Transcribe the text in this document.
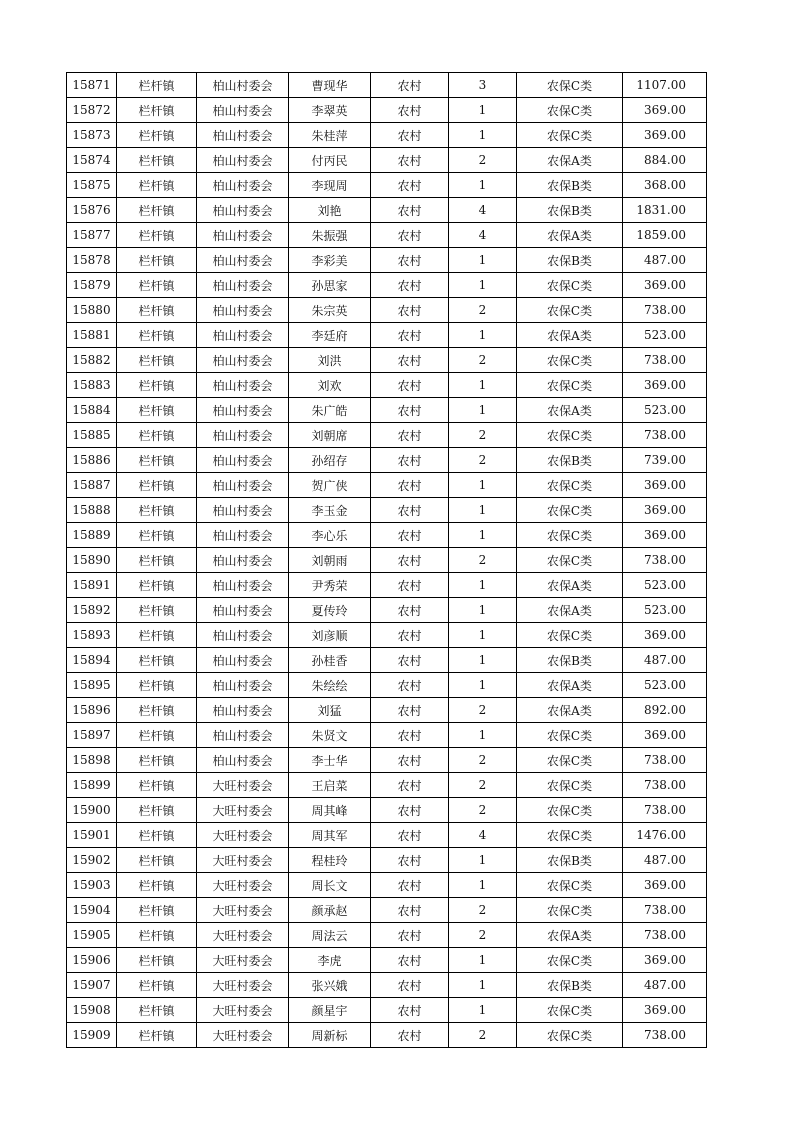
15871	栏杆镇	柏山村委会	曹现华	农村	3	农保C类	1107.00
15872	栏杆镇	柏山村委会	李翠英	农村	1	农保C类	369.00
15873	栏杆镇	柏山村委会	朱桂萍	农村	1	农保C类	369.00
15874	栏杆镇	柏山村委会	付丙民	农村	2	农保A类	884.00
15875	栏杆镇	柏山村委会	李现周	农村	1	农保B类	368.00
15876	栏杆镇	柏山村委会	刘艳	农村	4	农保B类	1831.00
15877	栏杆镇	柏山村委会	朱振强	农村	4	农保A类	1859.00
15878	栏杆镇	柏山村委会	李彩美	农村	1	农保B类	487.00
15879	栏杆镇	柏山村委会	孙思家	农村	1	农保C类	369.00
15880	栏杆镇	柏山村委会	朱宗英	农村	2	农保C类	738.00
15881	栏杆镇	柏山村委会	李廷府	农村	1	农保A类	523.00
15882	栏杆镇	柏山村委会	刘洪	农村	2	农保C类	738.00
15883	栏杆镇	柏山村委会	刘欢	农村	1	农保C类	369.00
15884	栏杆镇	柏山村委会	朱广皓	农村	1	农保A类	523.00
15885	栏杆镇	柏山村委会	刘朝席	农村	2	农保C类	738.00
15886	栏杆镇	柏山村委会	孙绍存	农村	2	农保B类	739.00
15887	栏杆镇	柏山村委会	贺广侠	农村	1	农保C类	369.00
15888	栏杆镇	柏山村委会	李玉金	农村	1	农保C类	369.00
15889	栏杆镇	柏山村委会	李心乐	农村	1	农保C类	369.00
15890	栏杆镇	柏山村委会	刘朝雨	农村	2	农保C类	738.00
15891	栏杆镇	柏山村委会	尹秀荣	农村	1	农保A类	523.00
15892	栏杆镇	柏山村委会	夏传玲	农村	1	农保A类	523.00
15893	栏杆镇	柏山村委会	刘彦顺	农村	1	农保C类	369.00
15894	栏杆镇	柏山村委会	孙桂香	农村	1	农保B类	487.00
15895	栏杆镇	柏山村委会	朱绘绘	农村	1	农保A类	523.00
15896	栏杆镇	柏山村委会	刘猛	农村	2	农保A类	892.00
15897	栏杆镇	柏山村委会	朱贤文	农村	1	农保C类	369.00
15898	栏杆镇	柏山村委会	李士华	农村	2	农保C类	738.00
15899	栏杆镇	大旺村委会	王启菜	农村	2	农保C类	738.00
15900	栏杆镇	大旺村委会	周其峰	农村	2	农保C类	738.00
15901	栏杆镇	大旺村委会	周其军	农村	4	农保C类	1476.00
15902	栏杆镇	大旺村委会	程桂玲	农村	1	农保B类	487.00
15903	栏杆镇	大旺村委会	周长文	农村	1	农保C类	369.00
15904	栏杆镇	大旺村委会	颜承赵	农村	2	农保C类	738.00
15905	栏杆镇	大旺村委会	周法云	农村	2	农保A类	738.00
15906	栏杆镇	大旺村委会	李虎	农村	1	农保C类	369.00
15907	栏杆镇	大旺村委会	张兴娥	农村	1	农保B类	487.00
15908	栏杆镇	大旺村委会	颜星宇	农村	1	农保C类	369.00
15909	栏杆镇	大旺村委会	周新标	农村	2	农保C类	738.00
